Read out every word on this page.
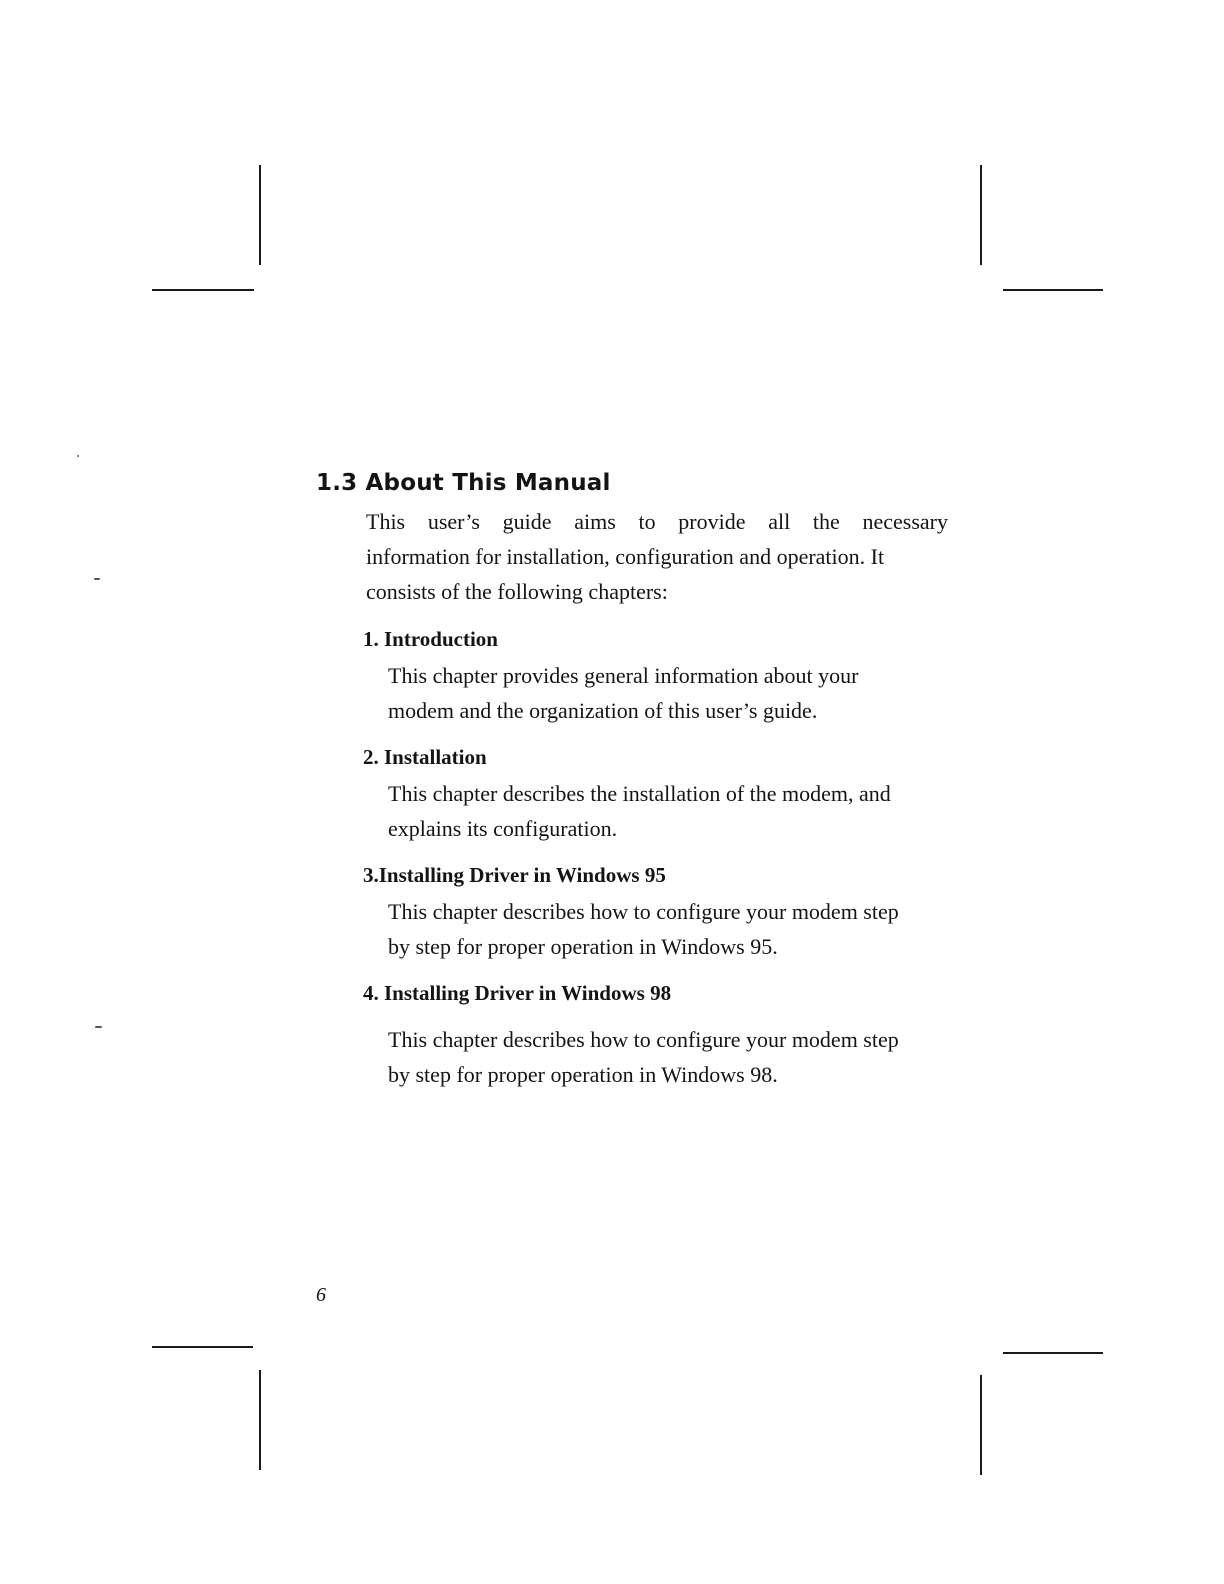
1.3 About This Manual

This user’s guide aims to provide all the necessary
information for installation, configuration and operation. It
consists of the following chapters:

1. Introduction
This chapter provides general information about your
modem and the organization of this user’s guide.
2. Installation
This chapter describes the installation of the modem, and
explains its configuration.
3.Installing Driver in Windows 95
This chapter describes how to configure your modem step
by step for proper operation in Windows 95.
4. Installing Driver in Windows 98
This chapter describes how to configure your modem step
by step for proper operation in Windows 98.
6
